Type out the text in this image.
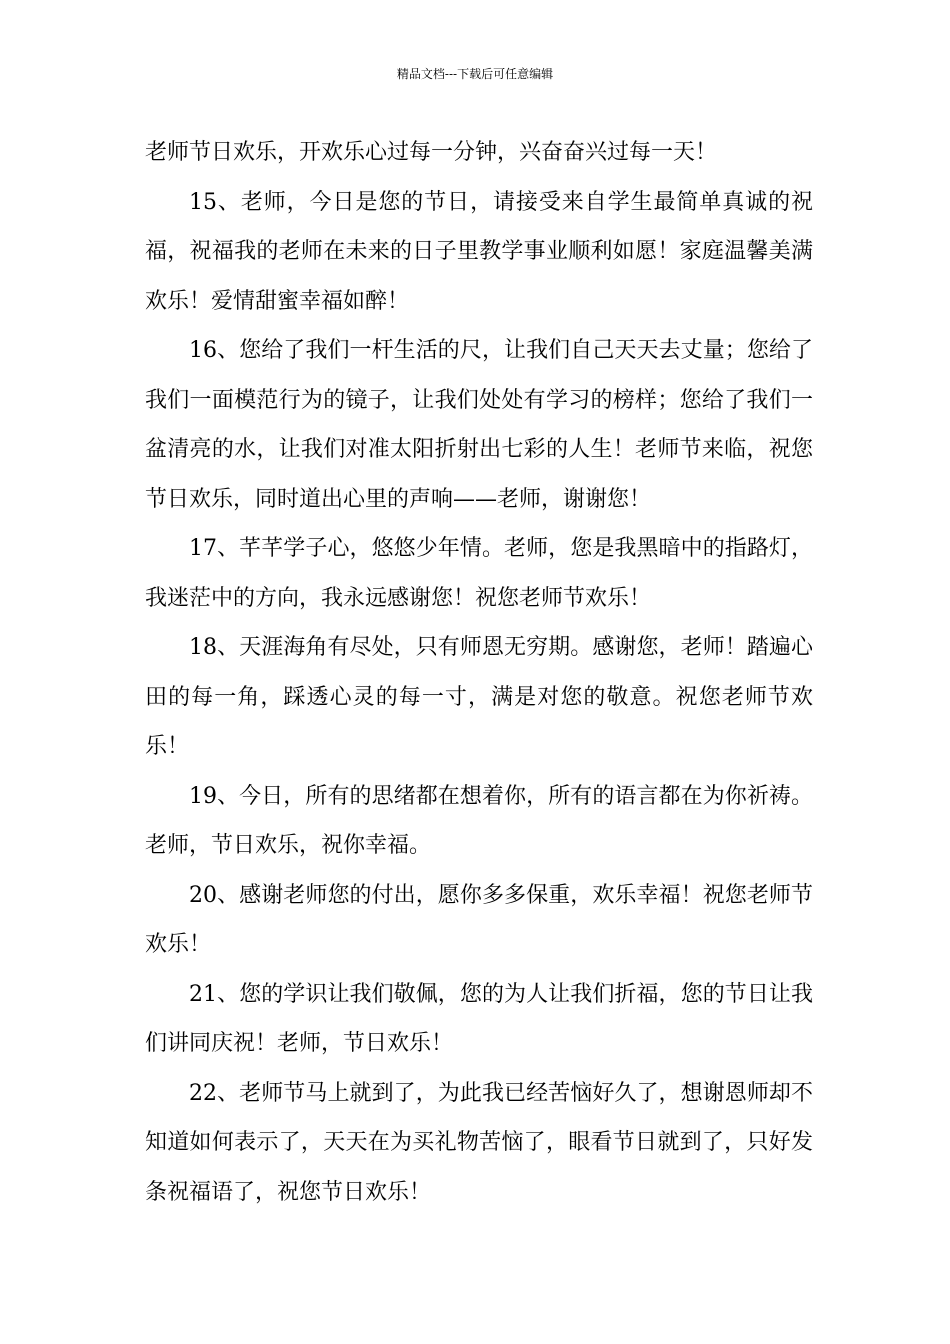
精品文档---下载后可任意编辑

老师节日欢乐，开欢乐心过每一分钟，兴奋奋兴过每一天！

15、老师，今日是您的节日，请接受来自学生最简单真诚的祝福，祝福我的老师在未来的日子里教学事业顺利如愿！家庭温馨美满欢乐！爱情甜蜜幸福如醉！

16、您给了我们一杆生活的尺，让我们自己天天去丈量；您给了我们一面模范行为的镜子，让我们处处有学习的榜样；您给了我们一盆清亮的水，让我们对准太阳折射出七彩的人生！老师节来临，祝您节日欢乐，同时道出心里的声响——老师，谢谢您！

17、芊芊学子心，悠悠少年情。老师，您是我黑暗中的指路灯，我迷茫中的方向，我永远感谢您！祝您老师节欢乐！

18、天涯海角有尽处，只有师恩无穷期。感谢您，老师！踏遍心田的每一角，踩透心灵的每一寸，满是对您的敬意。祝您老师节欢乐！

19、今日，所有的思绪都在想着你，所有的语言都在为你祈祷。老师，节日欢乐，祝你幸福。

20、感谢老师您的付出，愿你多多保重，欢乐幸福！祝您老师节欢乐！

21、您的学识让我们敬佩，您的为人让我们折福，您的节日让我们讲同庆祝！老师，节日欢乐！

22、老师节马上就到了，为此我已经苦恼好久了，想谢恩师却不知道如何表示了，天天在为买礼物苦恼了，眼看节日就到了，只好发条祝福语了，祝您节日欢乐！
